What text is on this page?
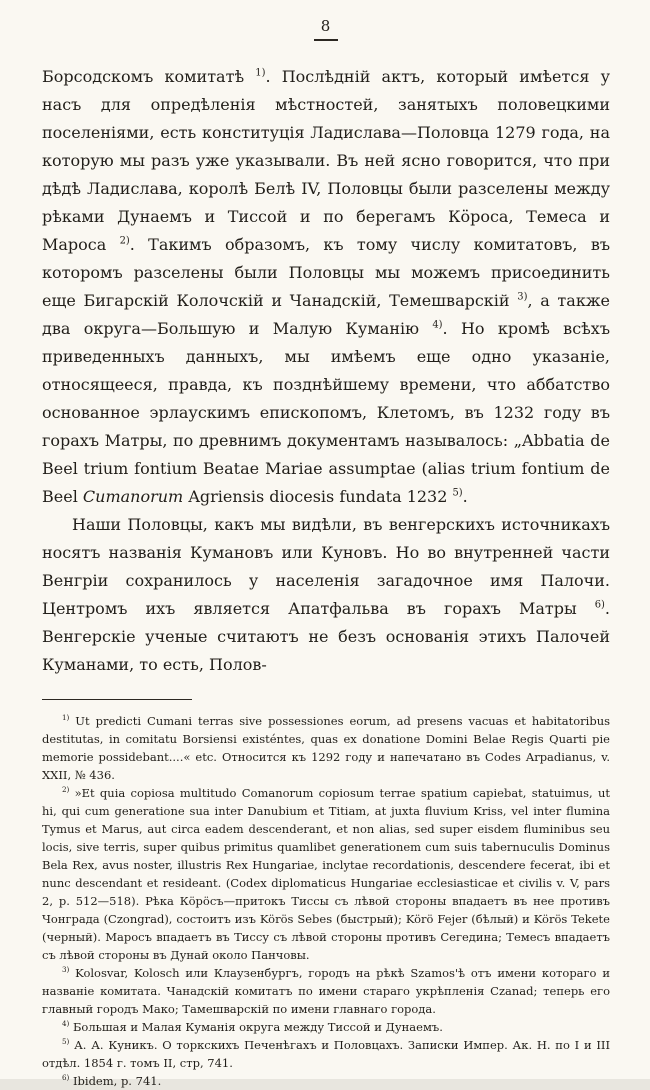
8

Борсодскомъ комитатѣ $^{1)}$. Послѣдній актъ, который имѣется у насъ для опредѣленія мѣстностей, занятыхъ половецкими поселеніями, есть конституція Ладислава—Половца 1279 года, на которую мы разъ уже указывали. Въ ней ясно говорится, что при дѣдѣ Ладислава, королѣ Белѣ IV, Половцы были разселены между рѣками Дунаемъ и Тиссой и по берегамъ Кöроса, Темеса и Мароса $^{2)}$. Такимъ образомъ, къ тому числу комитатовъ, въ которомъ разселены были Половцы мы можемъ присоединить еще Бигарскій Колочскій и Чанадскій, Темешварскій $^{3)}$, а также два округа—Большую и Малую Куманію $^{4)}$. Но кромѣ всѣхъ приведенныхъ данныхъ, мы имѣемъ еще одно указаніе, относящееся, правда, къ позднѣйшему времени, что аббатство основанное эрлаускимъ епископомъ, Клетомъ, въ 1232 году въ горахъ Матры, по древнимъ документамъ называлось: „Abbatia de Beel trium fontium Beatae Mariae assumptae (alias trium fontium de Beel Cumanorum Agriensis diocesis fundata 1232 $^{5)}$.

Наши Половцы, какъ мы видѣли, въ венгерскихъ источникахъ носятъ названія Кумановъ или Куновъ. Но во внутренней части Венгріи сохранилось у населенія загадочное имя Палочи. Центромъ ихъ является Апатфальва въ горахъ Матры $^{6)}$. Венгерскіе ученые считаютъ не безъ основанія этихъ Палочей Куманами, то есть, Полов-

$^{1)}$ Ut predicti Cumani terras sive possessiones eorum, ad presens vacuas et habitatoribus destitutas, in comitatu Borsiensi existéntes, quas ex donatione Domini Belae Regis Quarti pie memorie possidebant....« etc. Относится къ 1292 году и напечатано въ Codes Arpadianus, v. XXII, № 436.

$^{2)}$ »Et quia copiosa multitudo Comanorum copiosum terrae spatium capiebat, statuimus, ut hi, qui cum generatione sua inter Danubium et Titiam, at juxta fluvium Kriss, vel inter flumina Tymus et Marus, aut circa eadem descenderant, et non alias, sed super eisdem fluminibus seu locis, sive terris, super quibus primitus quamlibet generationem cum suis tabernuculis Dominus Bela Rex, avus noster, illustris Rex Hungariae, inclytae recordationis, descendere fecerat, ibi et nunc descendant et resideant. (Codex diplomaticus Hungariae ecclesiasticae et civilis v. V, pars 2, p. 512—518). Рѣка Кöрöсъ—притокъ Тиссы съ лѣвой стороны впадаетъ въ нее противъ Чонграда (Czongrad), состоитъ изъ Körös Sebes (быстрый); Körö Fejer (бѣлый) и Körös Tekete (черный). Маросъ впадаетъ въ Тиссу съ лѣвой стороны противъ Сегедина; Темесъ впадаетъ съ лѣвой стороны въ Дунай около Панчовы.

$^{3)}$ Kolosvar, Kolosch или Клаузенбургъ, городъ на рѣкѣ Szamos'ѣ отъ имени котораго и названіе комитата. Чанадскій комитатъ по имени стараго укрѣпленія Czanad; теперь его главный городъ Мако; Тамешварскій по имени главнаго города.

$^{4)}$ Большая и Малая Куманія округа между Тиссой и Дунаемъ.

$^{5)}$ А. А. Куникъ. О торкскихъ Печенѣгахъ и Половцахъ. Записки Импер. Ак. Н. по I и III отдѣл. 1854 г. томъ II, стр, 741.

$^{6)}$ Ibidem, p. 741.
